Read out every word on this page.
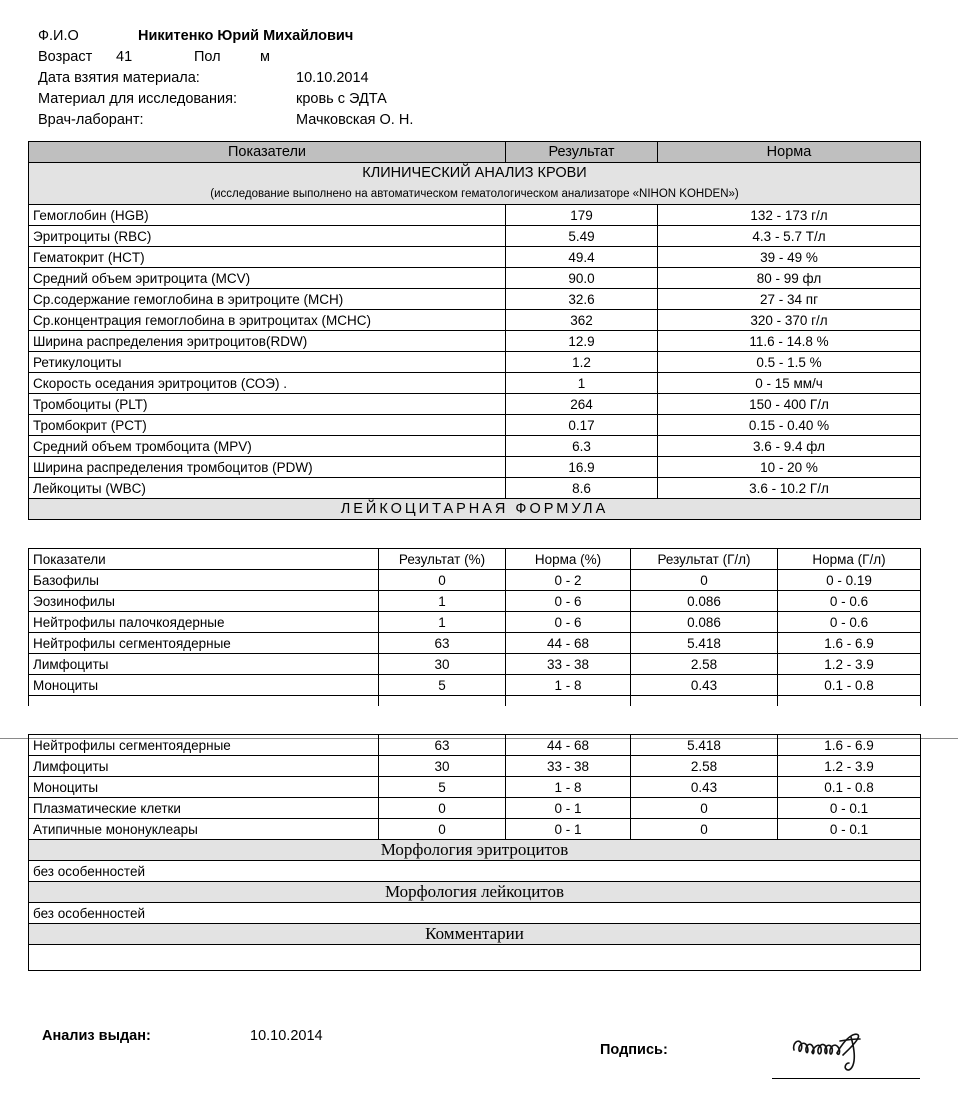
Ф.И.О	Никитенко Юрий Михайлович
Возраст	41	Пол	м
Дата взятия материала:	10.10.2014
Материал для исследования:	кровь с ЭДТА
Врач-лаборант:	Мачковская О. Н.
Показатели	Результат	Норма
КЛИНИЧЕСКИЙ АНАЛИЗ КРОВИ		
(исследование выполнено на автоматическом гематологическом анализаторе «NIHON KOHDEN»)		
Гемоглобин (HGB)	179	132 - 173 г/л
Эритроциты (RBC)	5.49	4.3 - 5.7 Т/л
Гематокрит (HCT)	49.4	39 - 49 %
Средний объем эритроцита (MCV)	90.0	80 - 99 фл
Ср.содержание гемоглобина в эритроците (MCH)	32.6	27 - 34 пг
Ср.концентрация гемоглобина в эритроцитах (MCHC)	362	320 - 370 г/л
Ширина распределения эритроцитов(RDW)	12.9	11.6 - 14.8 %
Ретикулоциты	1.2	0.5 - 1.5 %
Скорость оседания эритроцитов (СОЭ) .	1	0 - 15 мм/ч
Тромбоциты (PLT)	264	150 - 400 Г/л
Тромбокрит (PCT)	0.17	0.15 - 0.40 %
Средний объем тромбоцита (MPV)	6.3	3.6 - 9.4 фл
Ширина распределения тромбоцитов (PDW)	16.9	10 - 20 %
Лейкоциты (WBC)	8.6	3.6 - 10.2 Г/л
ЛЕЙКОЦИТАРНАЯ ФОРМУЛА		
Показатели	Результат (%)	Норма (%)	Результат (Г/л)	Норма (Г/л)
Базофилы	0	0 - 2	0	0 - 0.19
Эозинофилы	1	0 - 6	0.086	0 - 0.6
Нейтрофилы палочкоядерные	1	0 - 6	0.086	0 - 0.6
Нейтрофилы сегментоядерные	63	44 - 68	5.418	1.6 - 6.9
Лимфоциты	30	33 - 38	2.58	1.2 - 3.9
Моноциты	5	1 - 8	0.43	0.1 - 0.8

Нейтрофилы сегментоядерные	63	44 - 68	5.418	1.6 - 6.9
Лимфоциты	30	33 - 38	2.58	1.2 - 3.9
Моноциты	5	1 - 8	0.43	0.1 - 0.8
Плазматические клетки	0	0 - 1	0	0 - 0.1
Атипичные мононуклеары	0	0 - 1	0	0 - 0.1
Морфология эритроцитов				
без особенностей				
Морфология лейкоцитов				
без особенностей				
Комментарии				

Анализ выдан:	10.10.2014
Подпись:
